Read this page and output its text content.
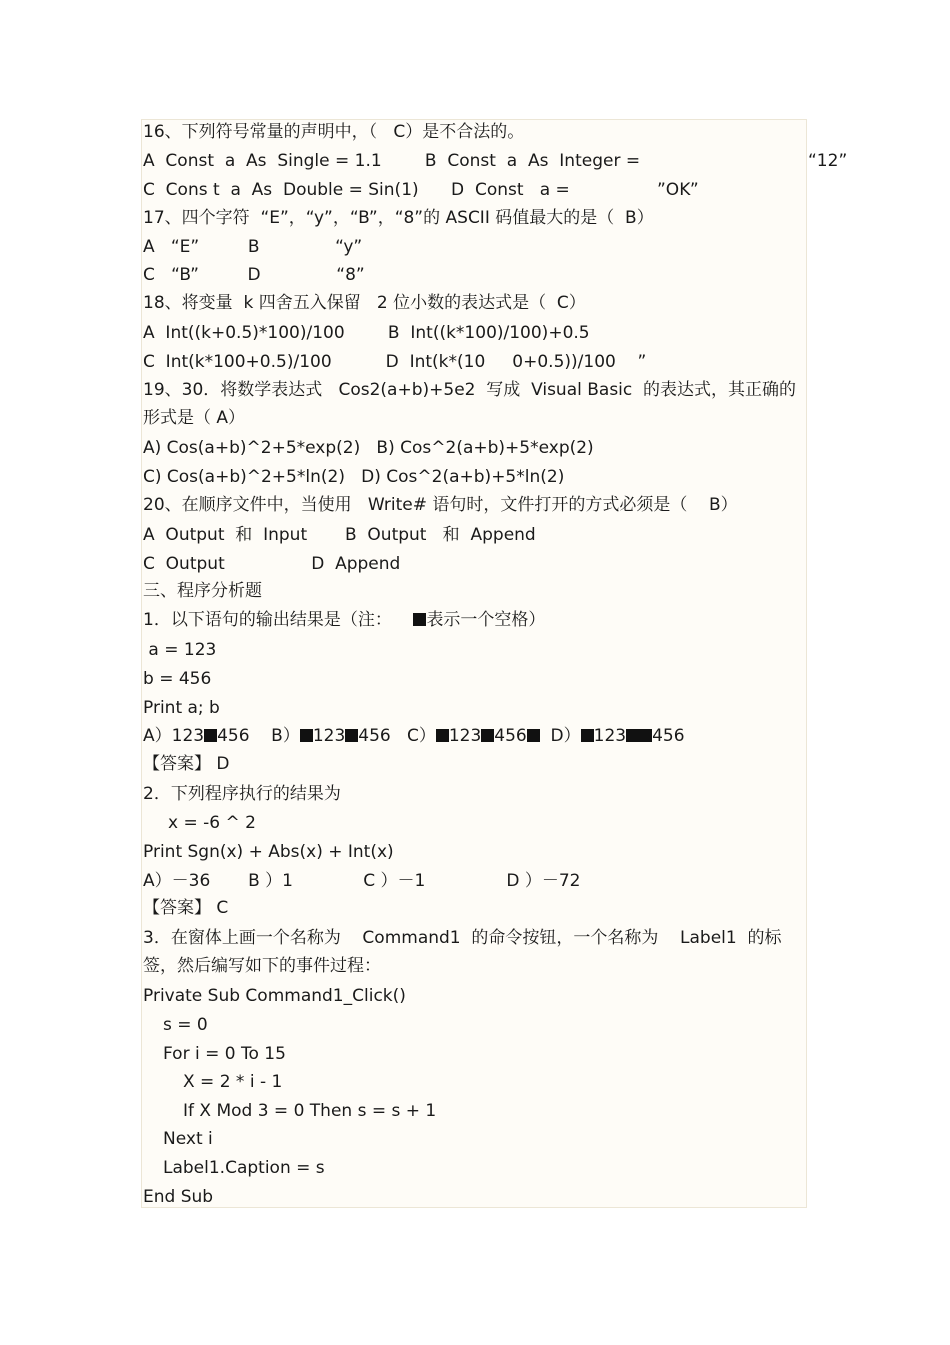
16、下列符号常量的声明中，（   C）是不合法的。
A  Const  a  As  Single = 1.1        B  Const  a  As  Integer =	“12”
C  Cons t  a  As  Double = Sin(1)      D  Const   a =	”OK”
17、四个字符  “E”，“y”，“B”，“8”的 ASCII 码值最大的是（  B）
A   “E”         B              “y”
C   “B”         D              “8”
18、将变量  k 四舍五入保留   2 位小数的表达式是（  C）
A  Int((k+0.5)*100)/100        B  Int((k*100)/100)+0.5
C  Int(k*100+0.5)/100          D  Int(k*(10     0+0.5))/100    ”
19、30．将数学表达式   Cos2(a+b)+5e2  写成  Visual Basic  的表达式，其正确的
形式是（ A）
A) Cos(a+b)^2+5*exp(2)   B) Cos^2(a+b)+5*exp(2)
C) Cos(a+b)^2+5*ln(2)   D) Cos^2(a+b)+5*ln(2)
20、在顺序文件中，当使用   Write# 语句时，文件打开的方式必须是（    B）
A  Output  和  Input       B  Output   和  Append
C  Output                D  Append
三、程序分析题
1．以下语句的输出结果是（注：    表示一个空格）
a = 123
b = 456
Print a; b
A）123 456 B） 123 456 C） 123 456 D） 123 456
【答案】 D
2．下列程序执行的结果为
x = -6 ^ 2
Print Sgn(x) + Abs(x) + Int(x)
A）－36       B ）1             C ）－1               D ）－72
【答案】 C
3．在窗体上画一个名称为    Command1  的命令按钮，一个名称为    Label1  的标
签，然后编写如下的事件过程：
Private Sub Command1_Click()
s = 0
For i = 0 To 15
X = 2 * i - 1
If X Mod 3 = 0 Then s = s + 1
Next i
Label1.Caption = s
End Sub
